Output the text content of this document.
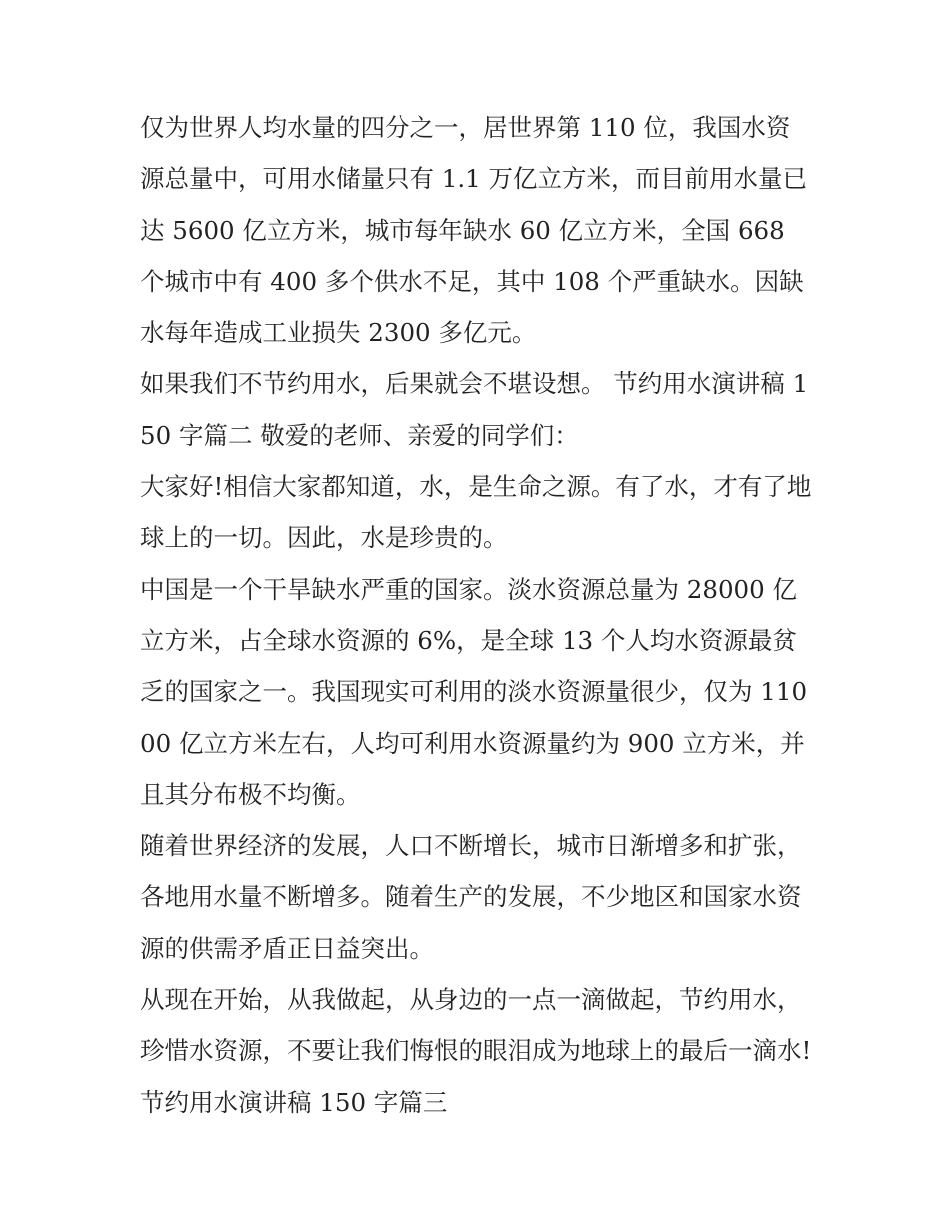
仅为世界人均水量的四分之一，居世界第 110 位，我国水资源总量中，可用水储量只有 1.1 万亿立方米，而目前用水量已达 5600 亿立方米，城市每年缺水 60 亿立方米，全国 668 个城市中有 400 多个供水不足，其中 108 个严重缺水。因缺水每年造成工业损失 2300 多亿元。

如果我们不节约用水，后果就会不堪设想。 节约用水演讲稿 150 字篇二 敬爱的老师、亲爱的同学们：

大家好!相信大家都知道，水，是生命之源。有了水，才有了地球上的一切。因此，水是珍贵的。

中国是一个干旱缺水严重的国家。淡水资源总量为 28000 亿立方米，占全球水资源的 6%，是全球 13 个人均水资源最贫乏的国家之一。我国现实可利用的淡水资源量很少，仅为 11000 亿立方米左右，人均可利用水资源量约为 900 立方米，并且其分布极不均衡。

随着世界经济的发展，人口不断增长，城市日渐增多和扩张，各地用水量不断增多。随着生产的发展，不少地区和国家水资源的供需矛盾正日益突出。

从现在开始，从我做起，从身边的一点一滴做起，节约用水，珍惜水资源，不要让我们悔恨的眼泪成为地球上的最后一滴水! 节约用水演讲稿 150 字篇三
